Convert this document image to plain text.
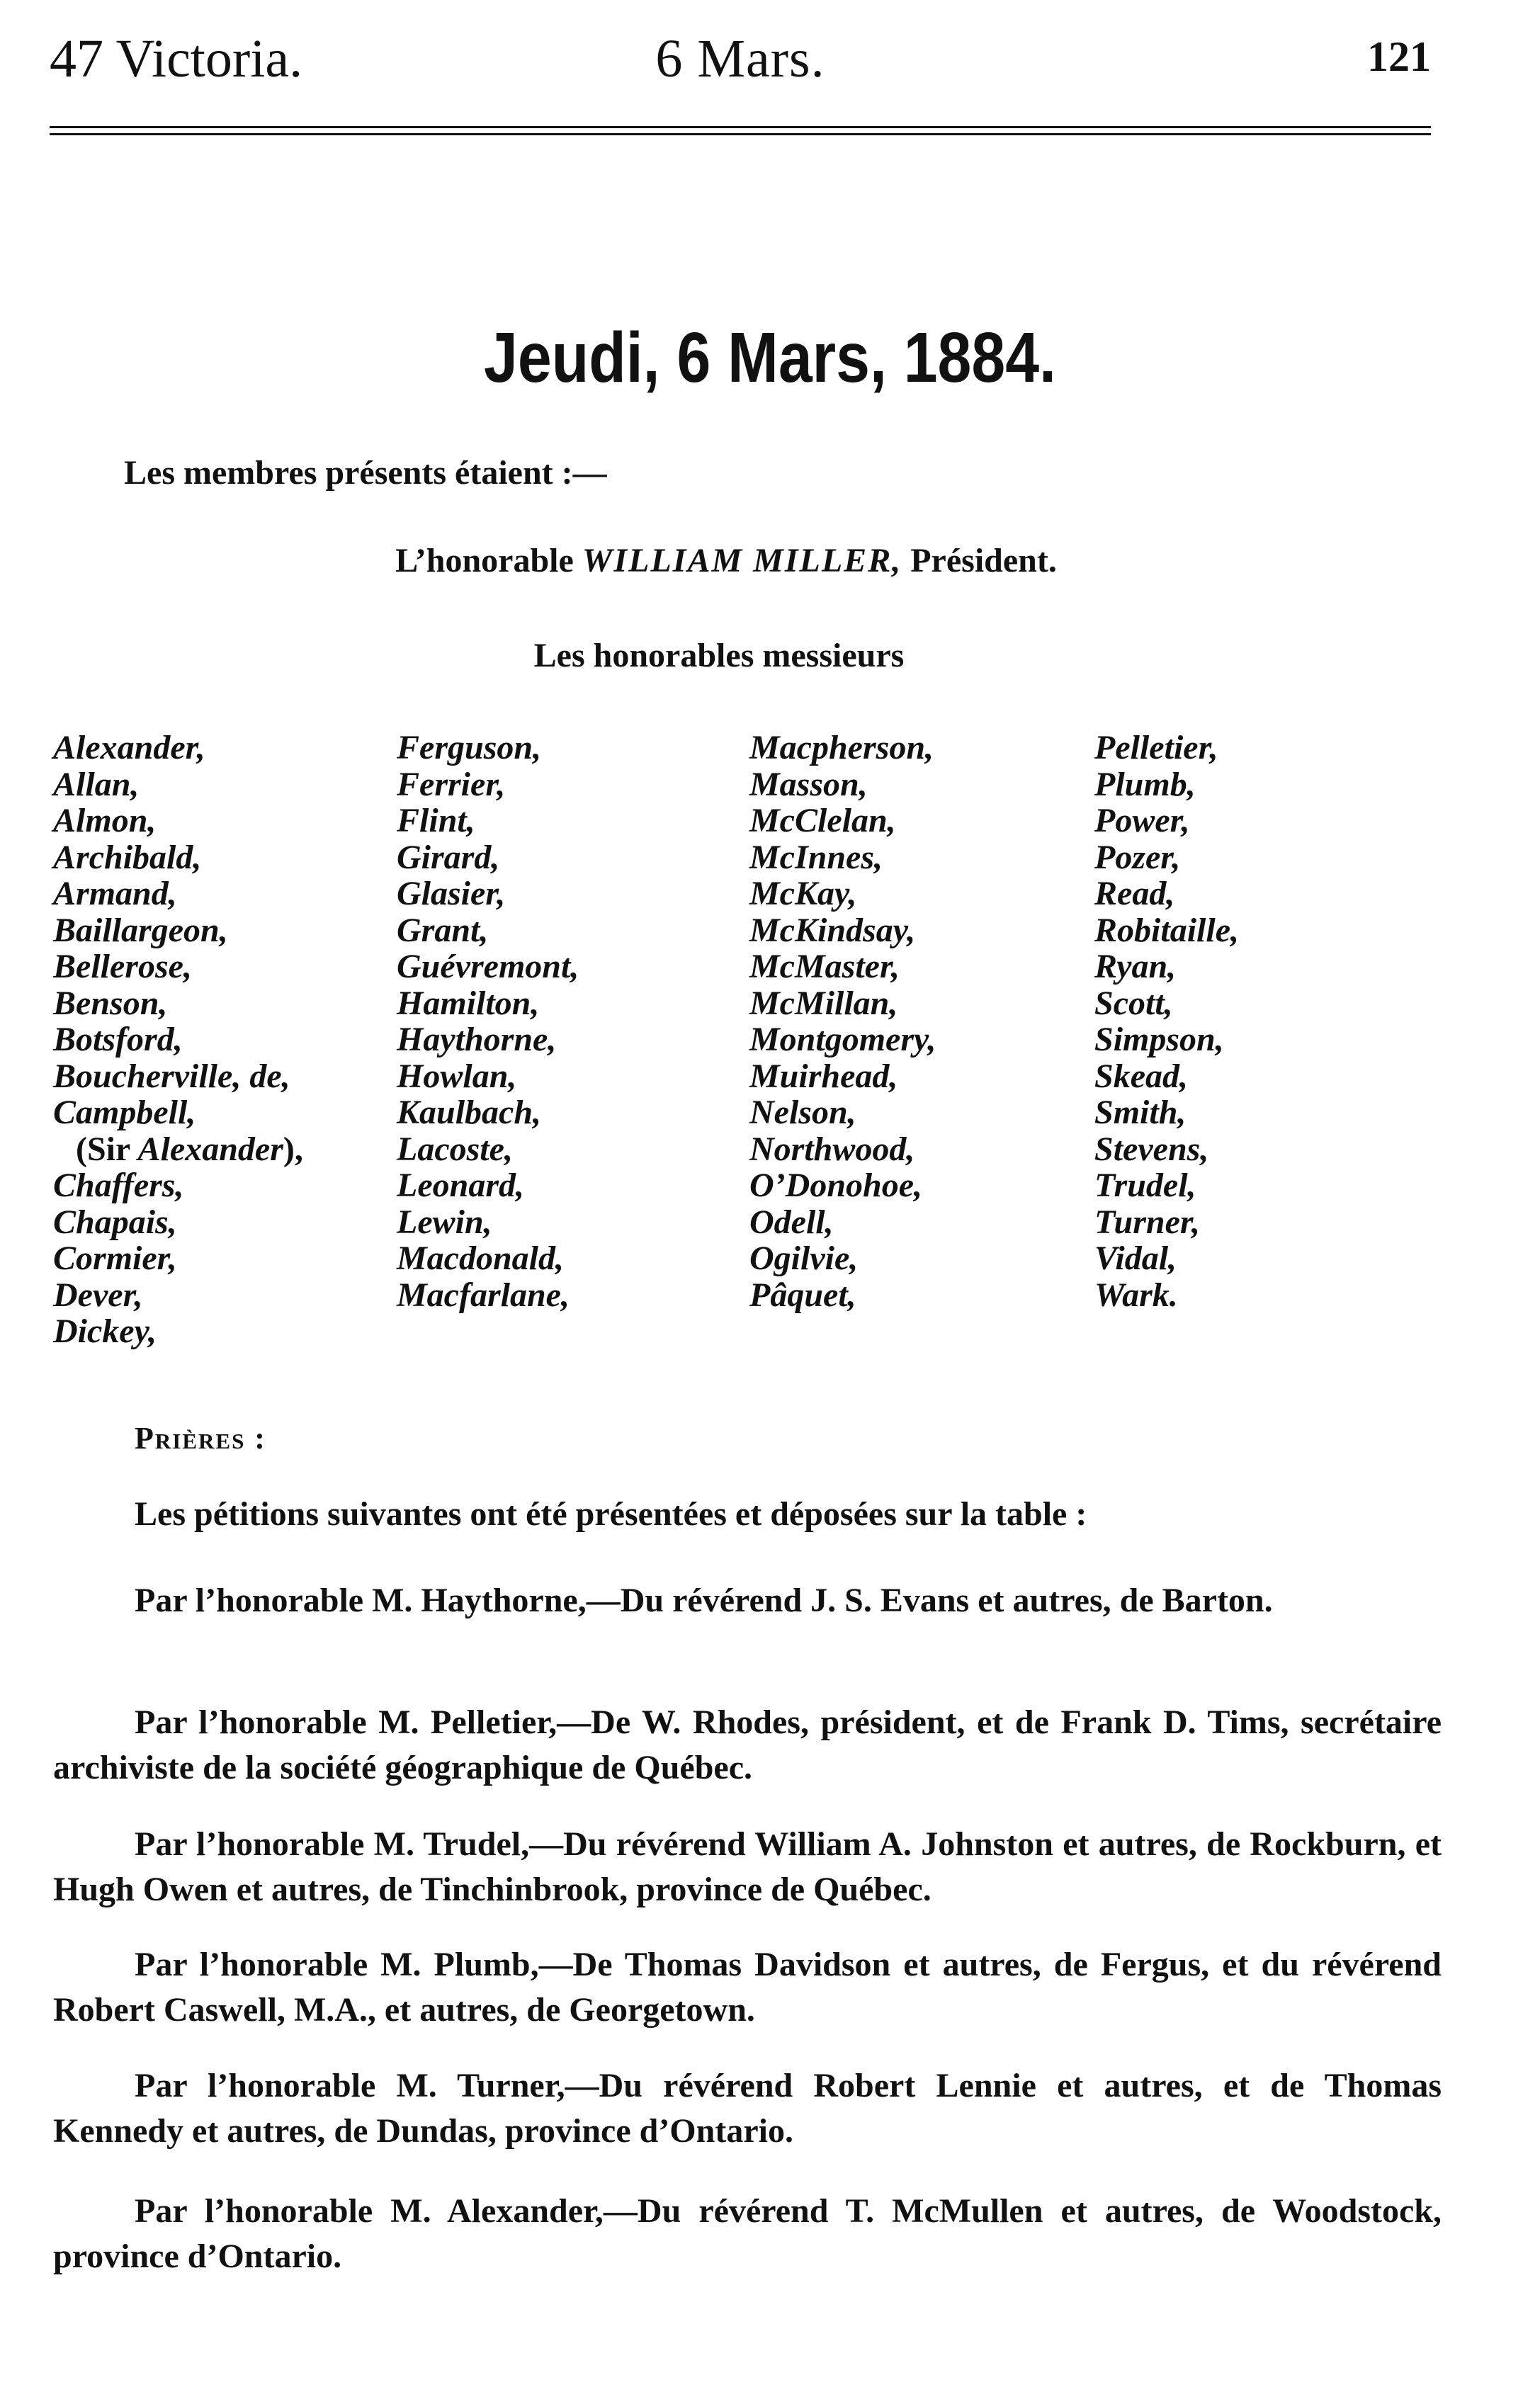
47 Victoria.	6 Mars.	121
Jeudi, 6 Mars, 1884.
Les membres présents étaient :—
L’honorable WILLIAM MILLER, Président.
Les honorables messieurs
Alexander,
Allan,
Almon,
Archibald,
Armand,
Baillargeon,
Bellerose,
Benson,
Botsford,
Boucherville, de,
Campbell,
(Sir Alexander),
Chaffers,
Chapais,
Cormier,
Dever,
Dickey,
Ferguson,
Ferrier,
Flint,
Girard,
Glasier,
Grant,
Guévremont,
Hamilton,
Haythorne,
Howlan,
Kaulbach,
Lacoste,
Leonard,
Lewin,
Macdonald,
Macfarlane,
Macpherson,
Masson,
McClelan,
McInnes,
McKay,
McKindsay,
McMaster,
McMillan,
Montgomery,
Muirhead,
Nelson,
Northwood,
O’Donohoe,
Odell,
Ogilvie,
Pâquet,
Pelletier,
Plumb,
Power,
Pozer,
Read,
Robitaille,
Ryan,
Scott,
Simpson,
Skead,
Smith,
Stevens,
Trudel,
Turner,
Vidal,
Wark.
Prières :
Les pétitions suivantes ont été présentées et déposées sur la table :

Par l’honorable M. Haythorne,—Du révérend J. S. Evans et autres, de Barton.

Par l’honorable M. Pelletier,—De W. Rhodes, président, et de Frank D. Tims, secrétaire archiviste de la société géographique de Québec.

Par l’honorable M. Trudel,—Du révérend William A. Johnston et autres, de Rockburn, et Hugh Owen et autres, de Tinchinbrook, province de Québec.

Par l’honorable M. Plumb,—De Thomas Davidson et autres, de Fergus, et du révérend Robert Caswell, M.A., et autres, de Georgetown.

Par l’honorable M. Turner,—Du révérend Robert Lennie et autres, et de Thomas Kennedy et autres, de Dundas, province d’Ontario.

Par l’honorable M. Alexander,—Du révérend T. McMullen et autres, de Woodstock, province d’Ontario.
